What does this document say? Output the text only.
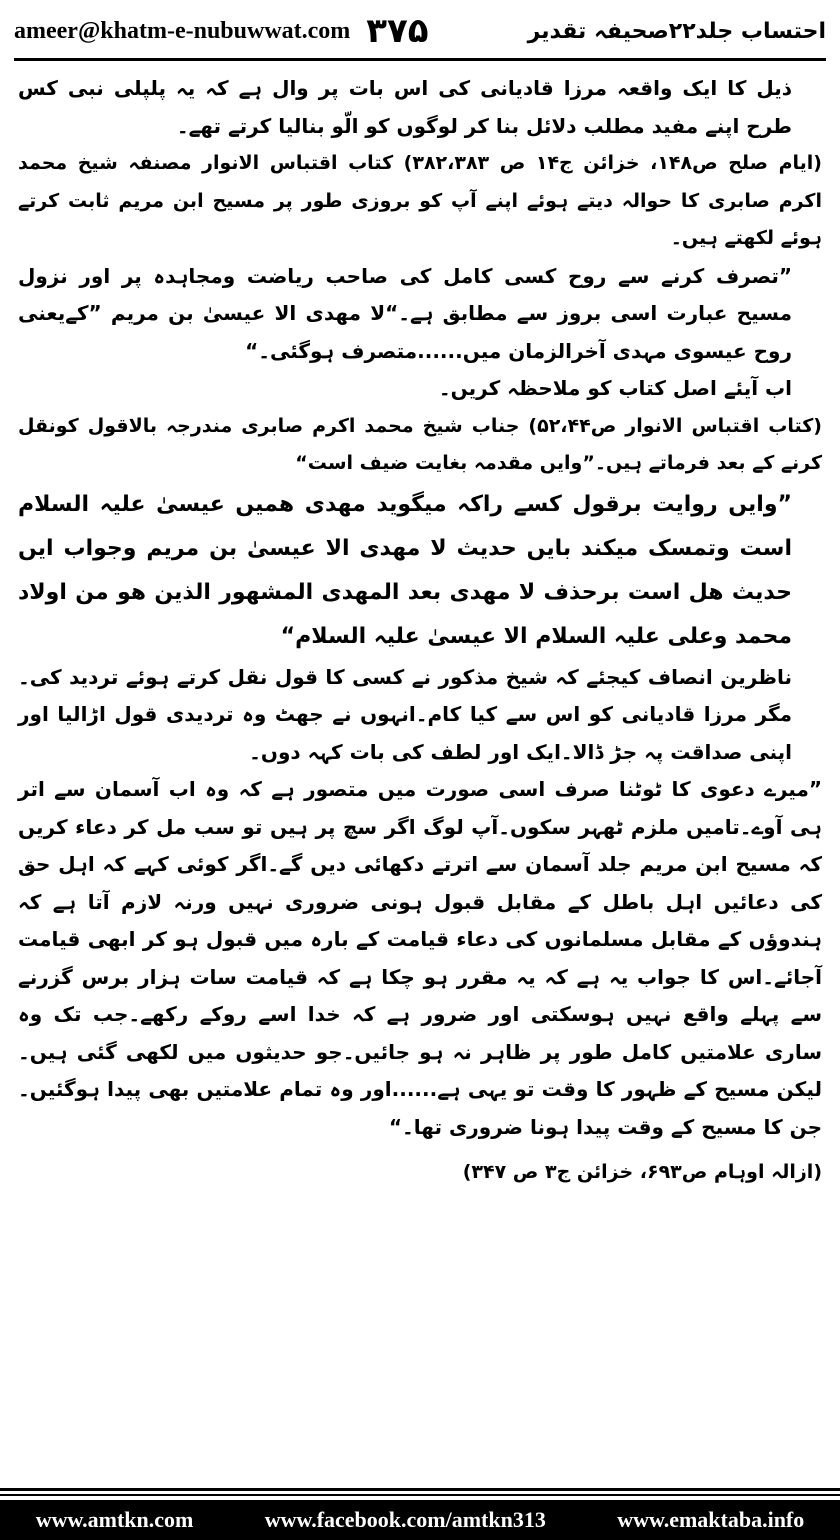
ameer@khatm-e-nubuwwat.com ۳۷۵	احتساب جلد۲۲صحیفہ تقدیر

ذیل کا ایک واقعہ مرزا قادیانی کی اس بات پر وال ہے کہ یہ پلپلی نبی کس طرح اپنے مفید مطلب دلائل بنا کر لوگوں کو الّو بنالیا کرتے تھے۔

(ایام صلح ص۱۴۸، خزائن ج۱۴ ص ۳۸۲،۳۸۳) کتاب اقتباس الانوار مصنفہ شیخ محمد اکرم صابری کا حوالہ دیتے ہوئے اپنے آپ کو بروزی طور پر مسیح ابن مریم ثابت کرتے ہوئے لکھتے ہیں۔

”تصرف کرنے سے روح کسی کامل کی صاحب ریاضت ومجاہدہ پر اور نزول مسیح عبارت اسی بروز سے مطابق ہے۔“لا مھدی الا عیسیٰ بن مریم ”کےیعنی روح عیسوی مہدی آخرالزمان میں......متصرف ہوگئی۔“

اب آیئے اصل کتاب کو ملاحظہ کریں۔

(کتاب اقتباس الانوار ص۵۲،۴۴) جناب شیخ محمد اکرم صابری مندرجہ بالاقول کونقل کرنے کے بعد فرماتے ہیں۔”وایں مقدمہ بغایت ضیف است“

”وایں روایت برقول کسے راکہ میگوید مھدی ھمیں عیسیٰ علیہ السلام است وتمسک میکند بایں حدیث لا مھدی الا عیسیٰ بن مریم وجواب ایں حدیث ھل است برحذف لا مھدی بعد المھدی المشھور الذین ھو من اولاد محمد وعلی علیہ السلام الا عیسیٰ علیہ السلام“

ناظرین انصاف کیجئے کہ شیخ مذکور نے کسی کا قول نقل کرتے ہوئے تردید کی۔مگر مرزا قادیانی کو اس سے کیا کام۔انہوں نے جھٹ وہ تردیدی قول اڑالیا اور اپنی صداقت پہ جڑ ڈالا۔ایک اور لطف کی بات کہہ دوں۔

”میرے دعوی کا ٹوٹنا صرف اسی صورت میں متصور ہے کہ وہ اب آسمان سے اتر ہی آوے۔تامیں ملزم ٹھہر سکوں۔آپ لوگ اگر سچ پر ہیں تو سب مل کر دعاء کریں کہ مسیح ابن مریم جلد آسمان سے اترتے دکھائی دیں گے۔اگر کوئی کہے کہ اہل حق کی دعائیں اہل باطل کے مقابل قبول ہونی ضروری نہیں ورنہ لازم آتا ہے کہ ہندوؤں کے مقابل مسلمانوں کی دعاء قیامت کے بارہ میں قبول ہو کر ابھی قیامت آجائے۔اس کا جواب یہ ہے کہ یہ مقرر ہو چکا ہے کہ قیامت سات ہزار برس گزرنے سے پہلے واقع نہیں ہوسکتی اور ضرور ہے کہ خدا اسے روکے رکھے۔جب تک وہ ساری علامتیں کامل طور پر ظاہر نہ ہو جائیں۔جو حدیثوں میں لکھی گئی ہیں۔لیکن مسیح کے ظہور کا وقت تو یہی ہے......اور وہ تمام علامتیں بھی پیدا ہوگئیں۔جن کا مسیح کے وقت پیدا ہونا ضروری تھا۔“

(ازالہ اوہام ص۶۹۳، خزائن ج۳ ص ۳۴۷)

www.amtkn.com	www.facebook.com/amtkn313	www.emaktaba.info
